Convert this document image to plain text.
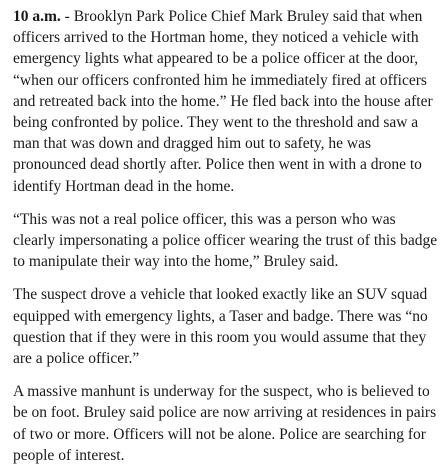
10 a.m. - Brooklyn Park Police Chief Mark Bruley said that when officers arrived to the Hortman home, they noticed a vehicle with emergency lights what appeared to be a police officer at the door, “when our officers confronted him he immediately fired at officers and retreated back into the home.” He fled back into the house after being confronted by police. They went to the threshold and saw a man that was down and dragged him out to safety, he was pronounced dead shortly after. Police then went in with a drone to identify Hortman dead in the home.

“This was not a real police officer, this was a person who was clearly impersonating a police officer wearing the trust of this badge to manipulate their way into the home,” Bruley said.

The suspect drove a vehicle that looked exactly like an SUV squad equipped with emergency lights, a Taser and badge. There was “no question that if they were in this room you would assume that they are a police officer.”

A massive manhunt is underway for the suspect, who is believed to be on foot. Bruley said police are now arriving at residences in pairs of two or more. Officers will not be alone. Police are searching for people of interest.
